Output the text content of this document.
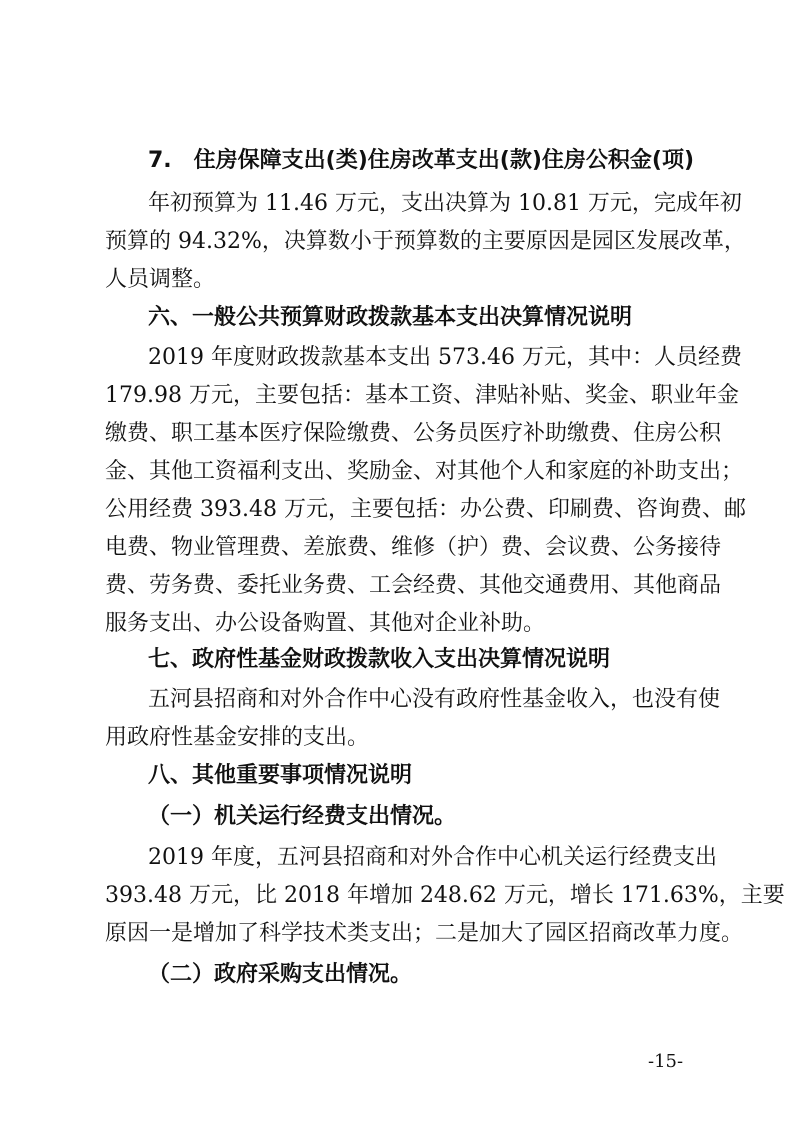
7.　住房保障支出(类)住房改革支出(款)住房公积金(项)
年初预算为 11.46 万元，支出决算为 10.81 万元，完成年初
预算的 94.32%，决算数小于预算数的主要原因是园区发展改革，
人员调整。
六、一般公共预算财政拨款基本支出决算情况说明
2019 年度财政拨款基本支出 573.46 万元，其中：人员经费
179.98 万元，主要包括：基本工资、津贴补贴、奖金、职业年金
缴费、职工基本医疗保险缴费、公务员医疗补助缴费、住房公积
金、其他工资福利支出、奖励金、对其他个人和家庭的补助支出；
公用经费 393.48 万元，主要包括：办公费、印刷费、咨询费、邮
电费、物业管理费、差旅费、维修（护）费、会议费、公务接待
费、劳务费、委托业务费、工会经费、其他交通费用、其他商品
服务支出、办公设备购置、其他对企业补助。
七、政府性基金财政拨款收入支出决算情况说明
五河县招商和对外合作中心没有政府性基金收入，也没有使
用政府性基金安排的支出。
八、其他重要事项情况说明
（一）机关运行经费支出情况。
2019 年度，五河县招商和对外合作中心机关运行经费支出
393.48 万元，比 2018 年增加 248.62 万元，增长 171.63%，主要
原因一是增加了科学技术类支出；二是加大了园区招商改革力度。
（二）政府采购支出情况。
-15-
